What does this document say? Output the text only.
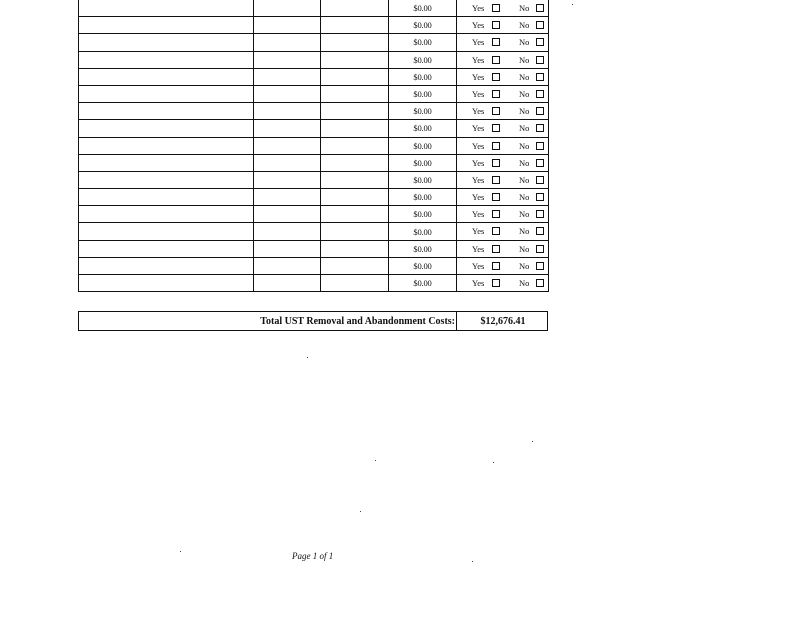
			$0.00	Yes No

			$0.00	Yes No

			$0.00	Yes No

			$0.00	Yes No

			$0.00	Yes No

			$0.00	Yes No

			$0.00	Yes No

			$0.00	Yes No

			$0.00	Yes No

			$0.00	Yes No

			$0.00	Yes No

			$0.00	Yes No

			$0.00	Yes No

			$0.00	Yes No

			$0.00	Yes No

			$0.00	Yes No

			$0.00	Yes No
Total UST Removal and Abandonment Costs:	$12,676.41
Page 1 of 1
